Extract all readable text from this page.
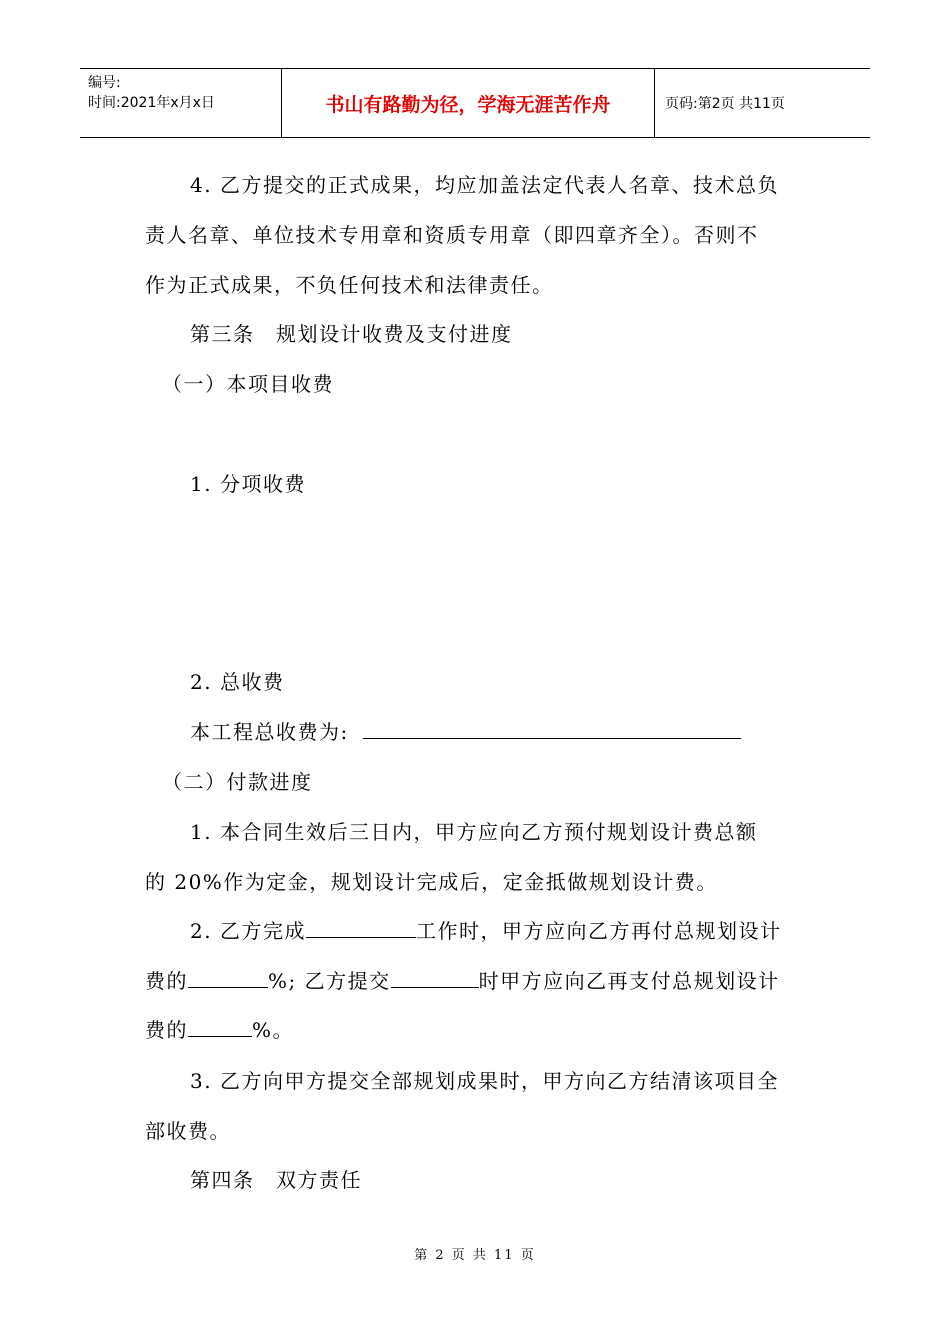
编号:
时间:2021年x月x日	书山有路勤为径，学海无涯苦作舟	页码:第2页 共11页
4. 乙方提交的正式成果，均应加盖法定代表人名章、技术总负
责人名章、单位技术专用章和资质专用章（即四章齐全）。否则不
作为正式成果，不负任何技术和法律责任。
第三条　规划设计收费及支付进度
（一）本项目收费
1. 分项收费
2. 总收费
本工程总收费为:
（二）付款进度
1. 本合同生效后三日内，甲方应向乙方预付规划设计费总额
的 20%作为定金，规划设计完成后，定金抵做规划设计费。
2. 乙方完成	工作时，甲方应向乙方再付总规划设计
费的	%; 乙方提交	时甲方应向乙再支付总规划设计
费的	%。
3. 乙方向甲方提交全部规划成果时，甲方向乙方结清该项目全
部收费。
第四条　双方责任
第 2 页 共 11 页
